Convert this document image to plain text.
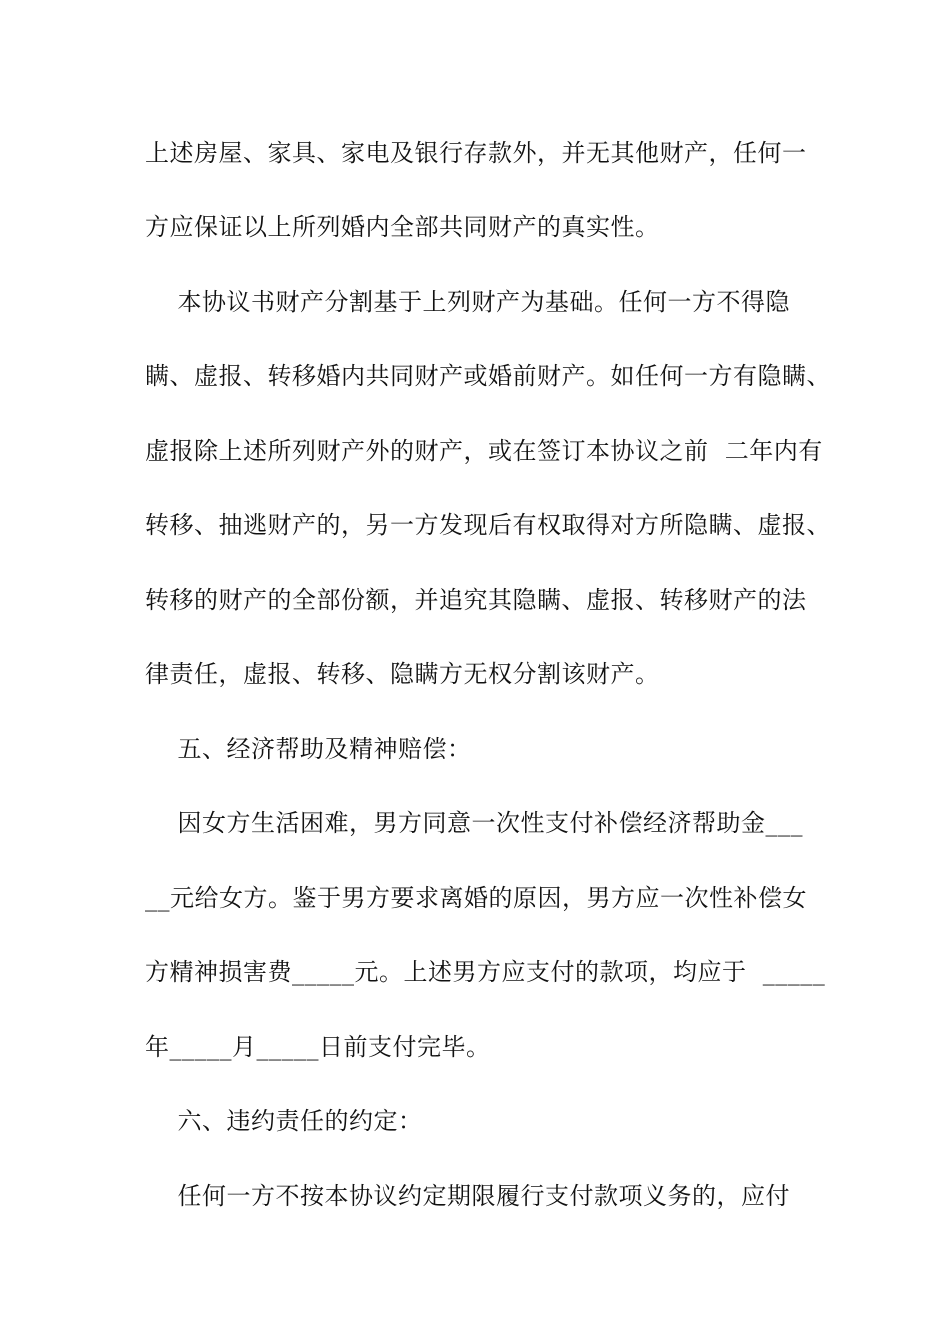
上述房屋、家具、家电及银行存款外，并无其他财产，任何一
方应保证以上所列婚内全部共同财产的真实性。
本协议书财产分割基于上列财产为基础。任何一方不得隐
瞒、虚报、转移婚内共同财产或婚前财产。如任何一方有隐瞒、
虚报除上述所列财产外的财产，或在签订本协议之前  二年内有
转移、抽逃财产的，另一方发现后有权取得对方所隐瞒、虚报、
转移的财产的全部份额，并追究其隐瞒、虚报、转移财产的法
律责任，虚报、转移、隐瞒方无权分割该财产。
五、经济帮助及精神赔偿：
因女方生活困难，男方同意一次性支付补偿经济帮助金___
__元给女方。鉴于男方要求离婚的原因，男方应一次性补偿女
方精神损害费_____元。上述男方应支付的款项，均应于  _____
年_____月_____日前支付完毕。
六、违约责任的约定：
任何一方不按本协议约定期限履行支付款项义务的，应付
